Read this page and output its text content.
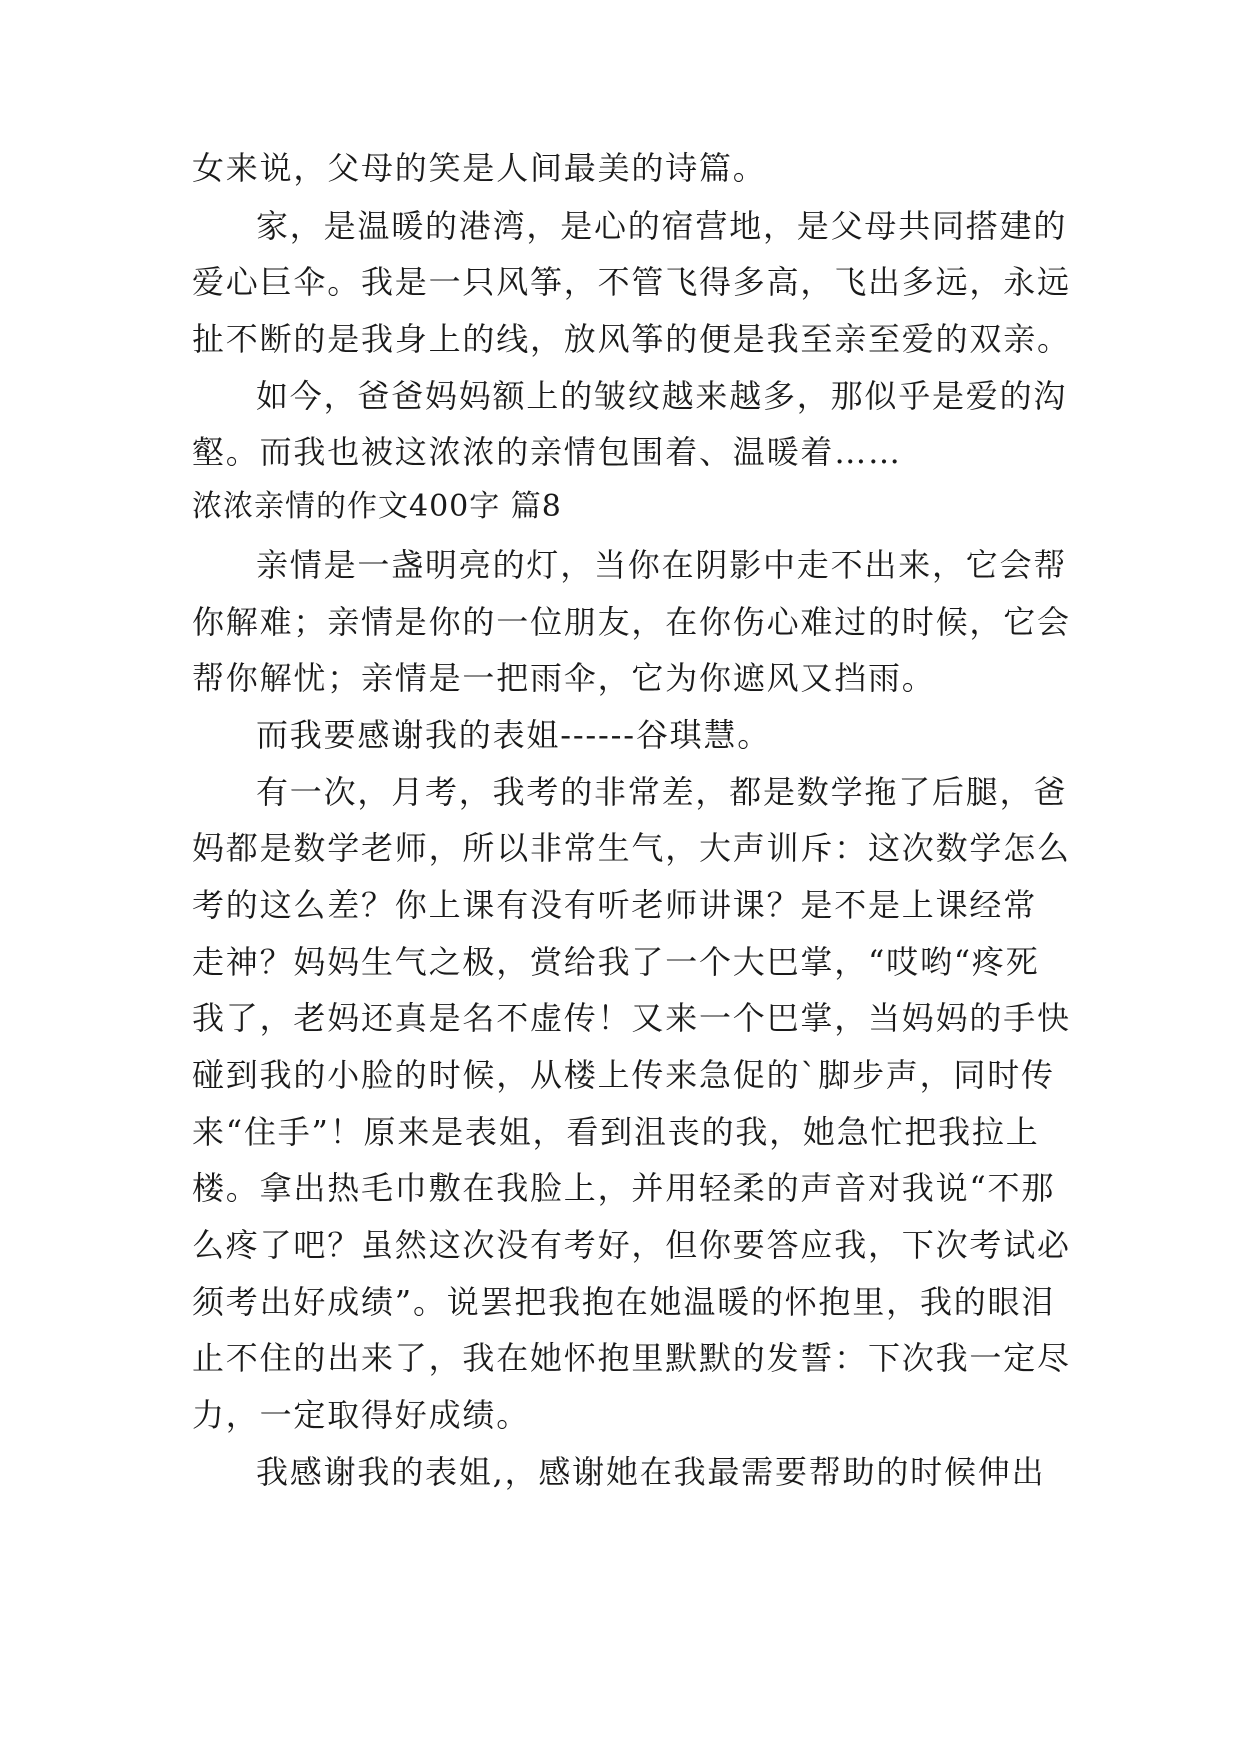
女来说，父母的笑是人间最美的诗篇。
家，是温暖的港湾，是心的宿营地，是父母共同搭建的
爱心巨伞。我是一只风筝，不管飞得多高，飞出多远，永远
扯不断的是我身上的线，放风筝的便是我至亲至爱的双亲。
如今，爸爸妈妈额上的皱纹越来越多，那似乎是爱的沟
壑。而我也被这浓浓的亲情包围着、温暖着……
浓浓亲情的作文400字 篇8
亲情是一盏明亮的灯，当你在阴影中走不出来，它会帮
你解难；亲情是你的一位朋友，在你伤心难过的时候，它会
帮你解忧；亲情是一把雨伞，它为你遮风又挡雨。
而我要感谢我的表姐------谷琪慧。
有一次，月考，我考的非常差，都是数学拖了后腿，爸
妈都是数学老师，所以非常生气，大声训斥：这次数学怎么
考的这么差？你上课有没有听老师讲课？是不是上课经常
走神？妈妈生气之极，赏给我了一个大巴掌，“哎哟“疼死
我了，老妈还真是名不虚传！又来一个巴掌，当妈妈的手快
碰到我的小脸的时候，从楼上传来急促的`脚步声，同时传
来“住手”！原来是表姐，看到沮丧的我，她急忙把我拉上
楼。拿出热毛巾敷在我脸上，并用轻柔的声音对我说“不那
么疼了吧？虽然这次没有考好，但你要答应我，下次考试必
须考出好成绩”。说罢把我抱在她温暖的怀抱里，我的眼泪
止不住的出来了，我在她怀抱里默默的发誓：下次我一定尽
力，一定取得好成绩。
我感谢我的表姐,，感谢她在我最需要帮助的时候伸出
